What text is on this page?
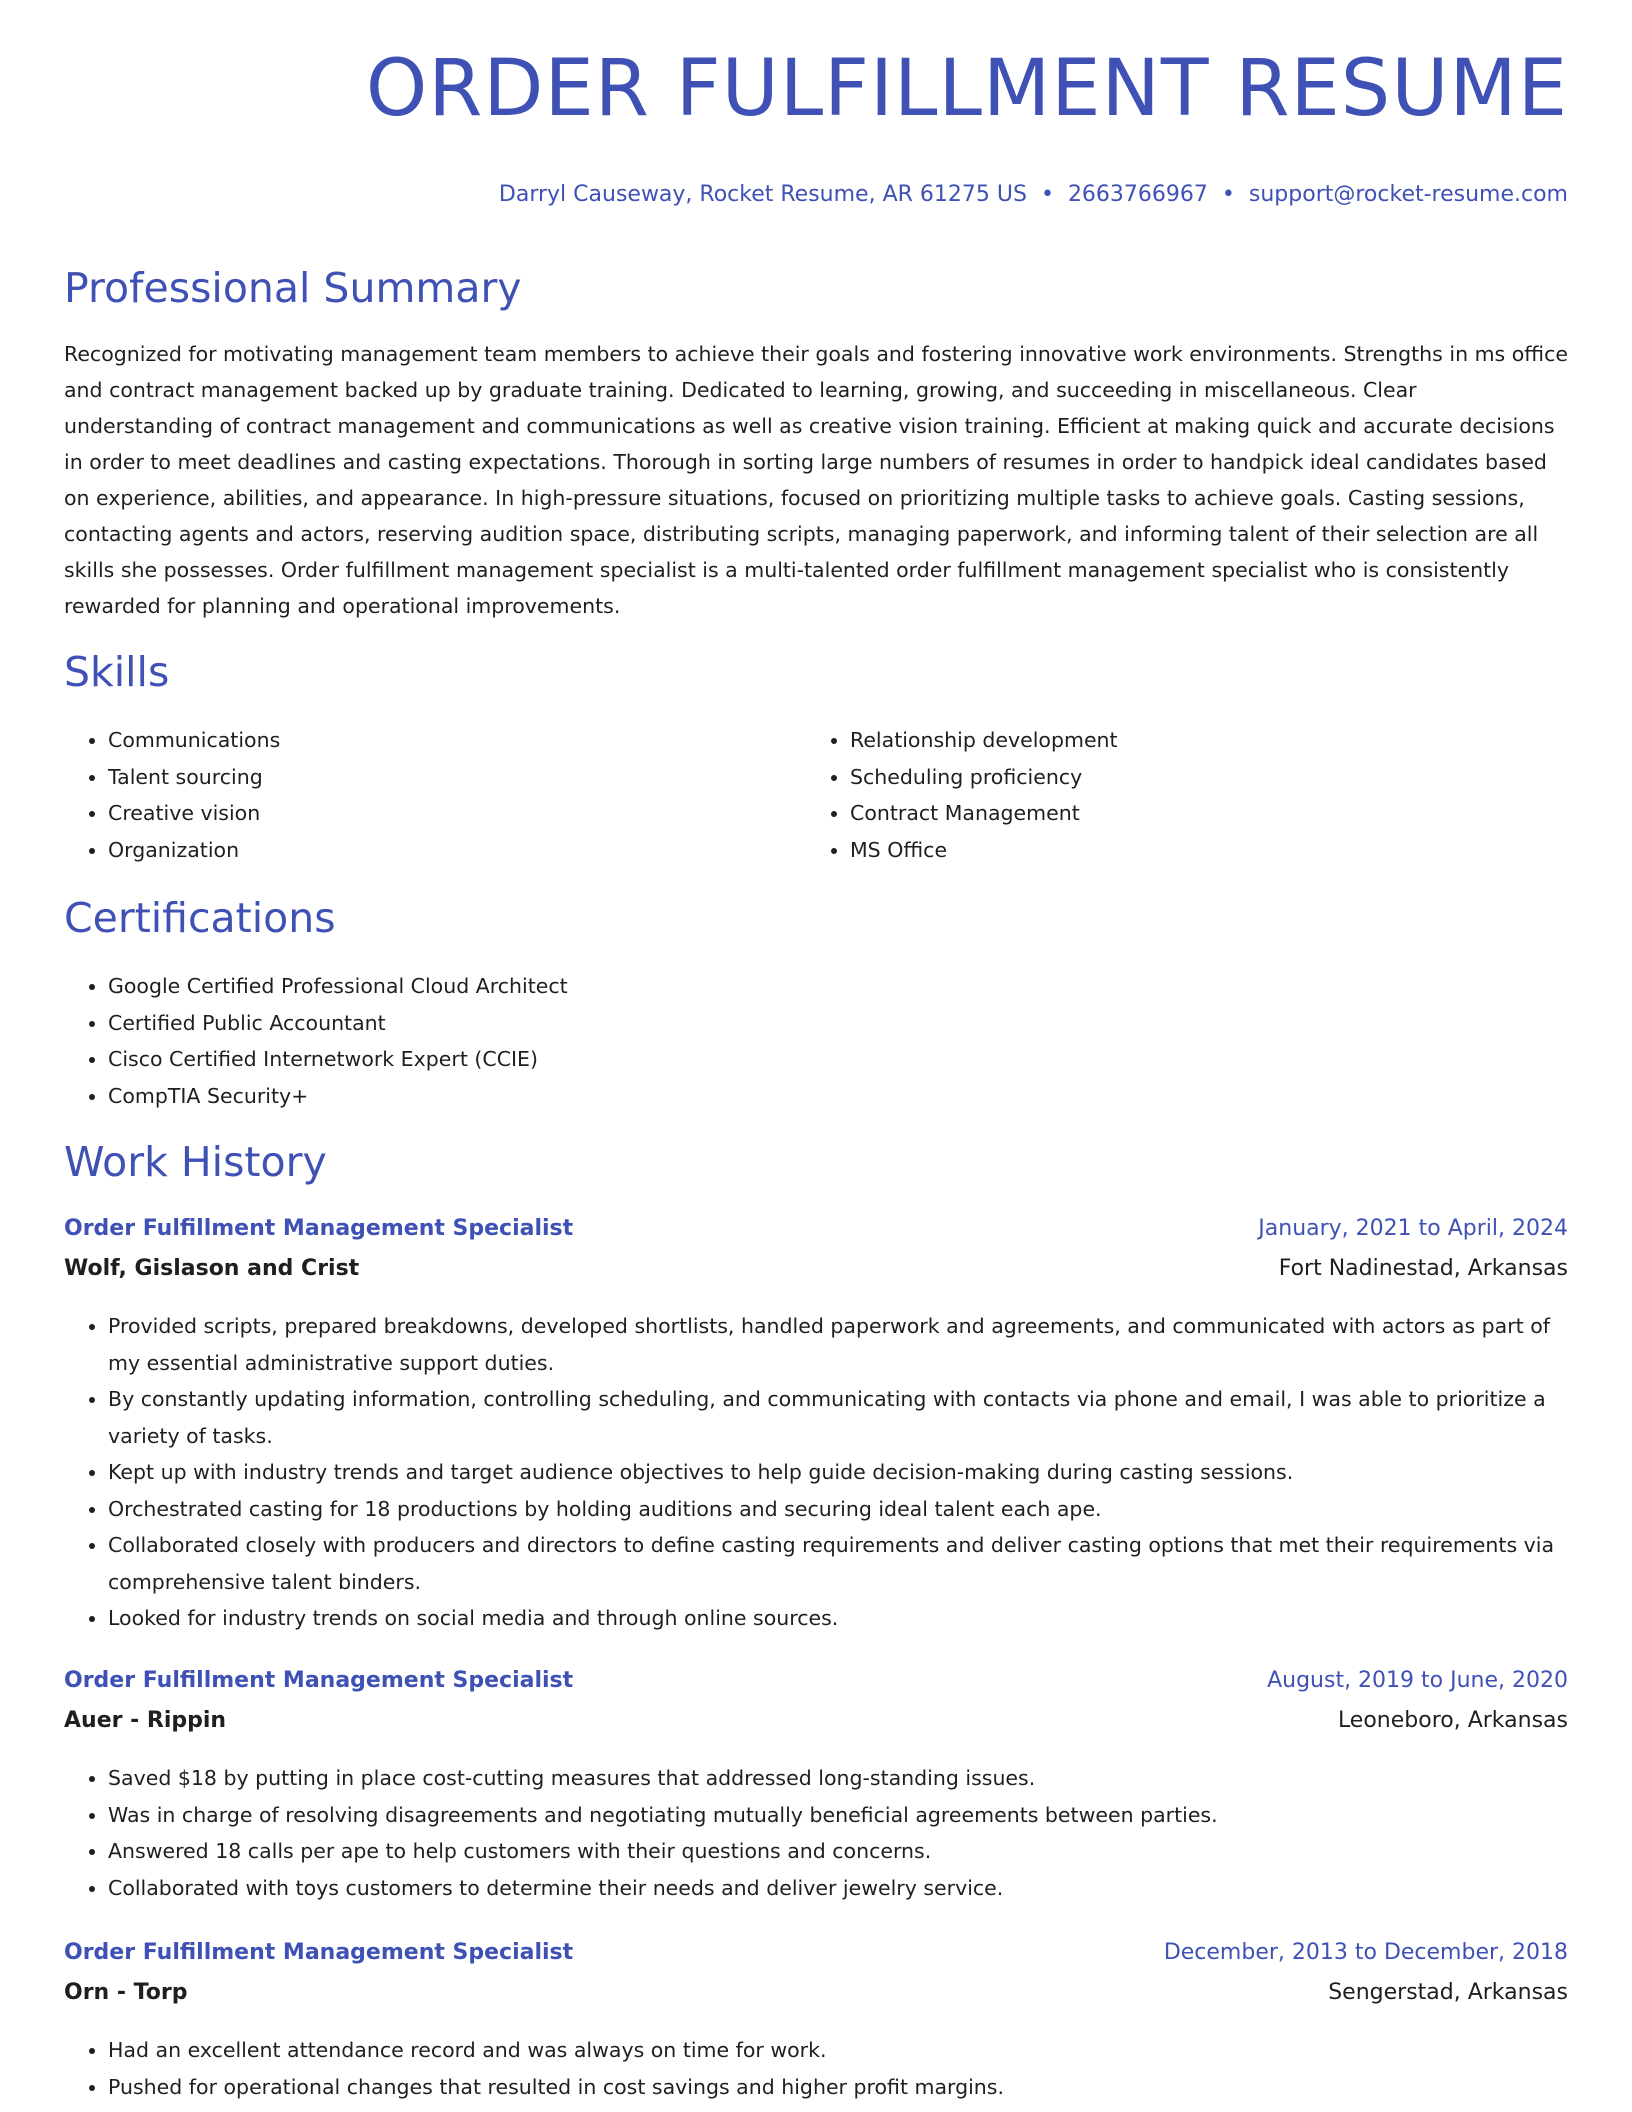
ORDER FULFILLMENT RESUME
Darryl Causeway, Rocket Resume, AR 61275 US • 2663766967 • support@rocket-resume.com
Professional Summary

Recognized for motivating management team members to achieve their goals and fostering innovative work environments. Strengths in ms office and contract management backed up by graduate training. Dedicated to learning, growing, and succeeding in miscellaneous. Clear understanding of contract management and communications as well as creative vision training. Efficient at making quick and accurate decisions in order to meet deadlines and casting expectations. Thorough in sorting large numbers of resumes in order to handpick ideal candidates based on experience, abilities, and appearance. In high-pressure situations, focused on prioritizing multiple tasks to achieve goals. Casting sessions, contacting agents and actors, reserving audition space, distributing scripts, managing paperwork, and informing talent of their selection are all skills she possesses. Order fulfillment management specialist is a multi-talented order fulfillment management specialist who is consistently rewarded for planning and operational improvements.

Skills
• Communications
• Talent sourcing
• Creative vision
• Organization
• Relationship development
• Scheduling proficiency
• Contract Management
• MS Office
Certifications
• Google Certified Professional Cloud Architect
• Certified Public Accountant
• Cisco Certified Internetwork Expert (CCIE)
• CompTIA Security+
Work History
Order Fulfillment Management Specialist	January, 2021 to April, 2024
Wolf, Gislason and Crist	Fort Nadinestad, Arkansas
• Provided scripts, prepared breakdowns, developed shortlists, handled paperwork and agreements, and communicated with actors as part of my essential administrative support duties.
• By constantly updating information, controlling scheduling, and communicating with contacts via phone and email, I was able to prioritize a variety of tasks.
• Kept up with industry trends and target audience objectives to help guide decision-making during casting sessions.
• Orchestrated casting for 18 productions by holding auditions and securing ideal talent each ape.
• Collaborated closely with producers and directors to define casting requirements and deliver casting options that met their requirements via comprehensive talent binders.
• Looked for industry trends on social media and through online sources.
Order Fulfillment Management Specialist	August, 2019 to June, 2020
Auer - Rippin	Leoneboro, Arkansas
• Saved $18 by putting in place cost-cutting measures that addressed long-standing issues.
• Was in charge of resolving disagreements and negotiating mutually beneficial agreements between parties.
• Answered 18 calls per ape to help customers with their questions and concerns.
• Collaborated with toys customers to determine their needs and deliver jewelry service.
Order Fulfillment Management Specialist	December, 2013 to December, 2018
Orn - Torp	Sengerstad, Arkansas
• Had an excellent attendance record and was always on time for work.
• Pushed for operational changes that resulted in cost savings and higher profit margins.
